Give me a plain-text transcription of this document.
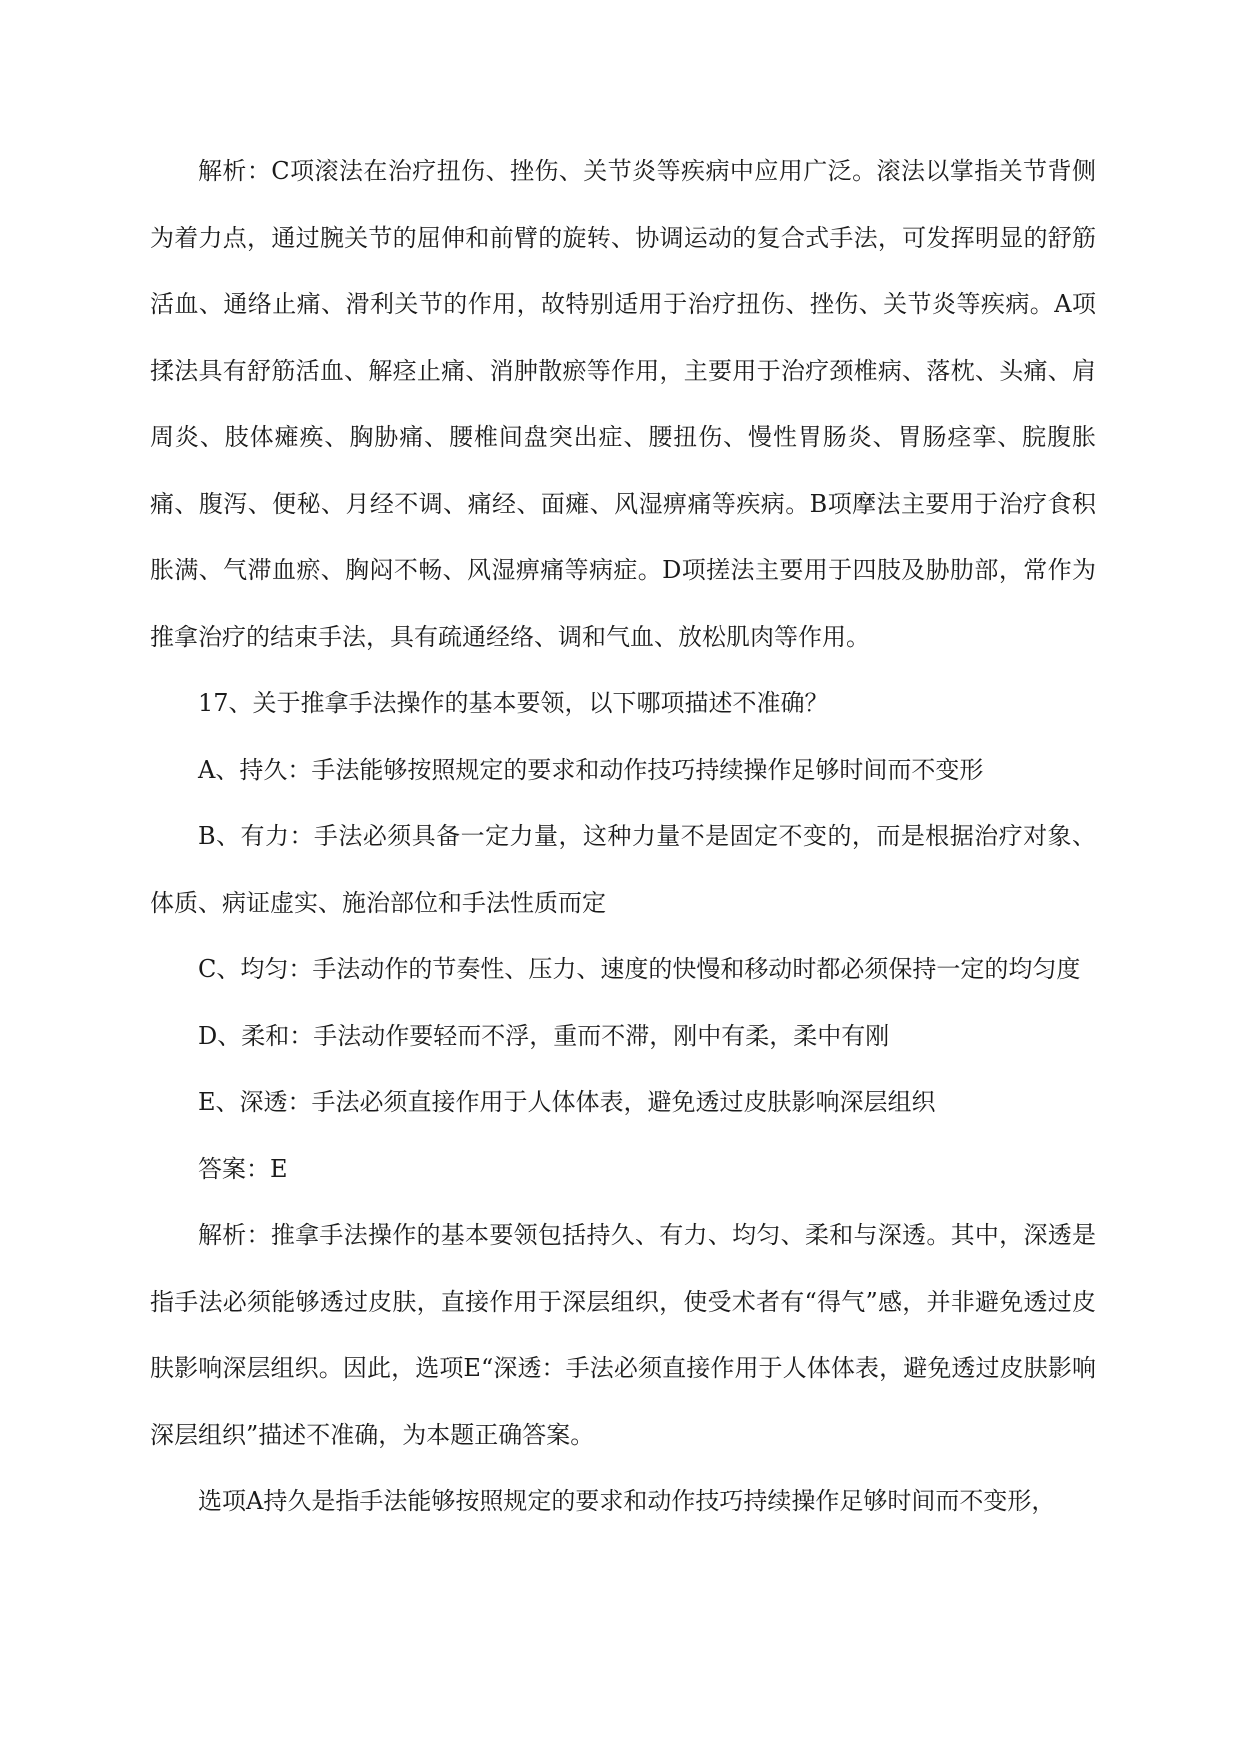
解析：C项滚法在治疗扭伤、挫伤、关节炎等疾病中应用广泛。滚法以掌指关节背侧为着力点，通过腕关节的屈伸和前臂的旋转、协调运动的复合式手法，可发挥明显的舒筋活血、通络止痛、滑利关节的作用，故特别适用于治疗扭伤、挫伤、关节炎等疾病。A项揉法具有舒筋活血、解痉止痛、消肿散瘀等作用，主要用于治疗颈椎病、落枕、头痛、肩周炎、肢体瘫痪、胸胁痛、腰椎间盘突出症、腰扭伤、慢性胃肠炎、胃肠痉挛、脘腹胀痛、腹泻、便秘、月经不调、痛经、面瘫、风湿痹痛等疾病。B项摩法主要用于治疗食积胀满、气滞血瘀、胸闷不畅、风湿痹痛等病症。D项搓法主要用于四肢及胁肋部，常作为推拿治疗的结束手法，具有疏通经络、调和气血、放松肌肉等作用。

17、关于推拿手法操作的基本要领，以下哪项描述不准确？

A、持久：手法能够按照规定的要求和动作技巧持续操作足够时间而不变形

B、有力：手法必须具备一定力量，这种力量不是固定不变的，而是根据治疗对象、体质、病证虚实、施治部位和手法性质而定

C、均匀：手法动作的节奏性、压力、速度的快慢和移动时都必须保持一定的均匀度

D、柔和：手法动作要轻而不浮，重而不滞，刚中有柔，柔中有刚

E、深透：手法必须直接作用于人体体表，避免透过皮肤影响深层组织

答案：E

解析：推拿手法操作的基本要领包括持久、有力、均匀、柔和与深透。其中，深透是指手法必须能够透过皮肤，直接作用于深层组织，使受术者有“得气”感，并非避免透过皮肤影响深层组织。因此，选项E“深透：手法必须直接作用于人体体表，避免透过皮肤影响深层组织”描述不准确，为本题正确答案。

选项A持久是指手法能够按照规定的要求和动作技巧持续操作足够时间而不变形，
